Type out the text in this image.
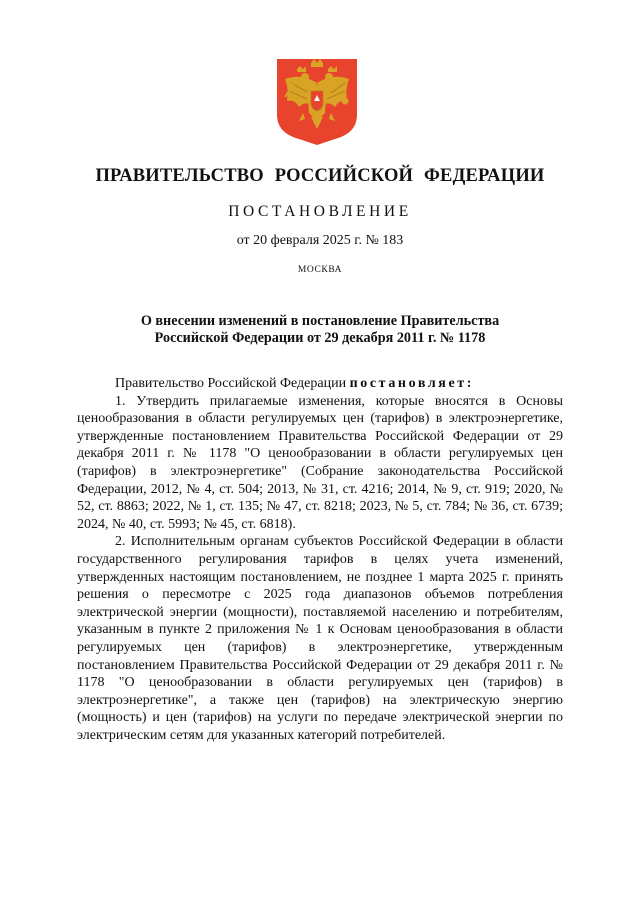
ПРАВИТЕЛЬСТВО РОССИЙСКОЙ ФЕДЕРАЦИИ
ПОСТАНОВЛЕНИЕ
от 20 февраля 2025 г. № 183
МОСКВА
О внесении изменений в постановление Правительства
Российской Федерации от 29 декабря 2011 г. № 1178

Правительство Российской Федерации постановляет:

1. Утвердить прилагаемые изменения, которые вносятся в Основы ценообразования в области регулируемых цен (тарифов) в электроэнергетике, утвержденные постановлением Правительства Российской Федерации от 29 декабря 2011 г. № 1178 "О ценообразовании в области регулируемых цен (тарифов) в электроэнергетике" (Собрание законодательства Российской Федерации, 2012, № 4, ст. 504; 2013, № 31, ст. 4216; 2014, № 9, ст. 919; 2020, № 52, ст. 8863; 2022, № 1, ст. 135; № 47, ст. 8218; 2023, № 5, ст. 784; № 36, ст. 6739; 2024, № 40, ст. 5993; № 45, ст. 6818).

2. Исполнительным органам субъектов Российской Федерации в области государственного регулирования тарифов в целях учета изменений, утвержденных настоящим постановлением, не позднее 1 марта 2025 г. принять решения о пересмотре с 2025 года диапазонов объемов потребления электрической энергии (мощности), поставляемой населению и потребителям, указанным в пункте 2 приложения № 1 к Основам ценообразования в области регулируемых цен (тарифов) в электроэнергетике, утвержденным постановлением Правительства Российской Федерации от 29 декабря 2011 г. № 1178 "О ценообразовании в области регулируемых цен (тарифов) в электроэнергетике", а также цен (тарифов) на электрическую энергию (мощность) и цен (тарифов) на услуги по передаче электрической энергии по электрическим сетям для указанных категорий потребителей.
